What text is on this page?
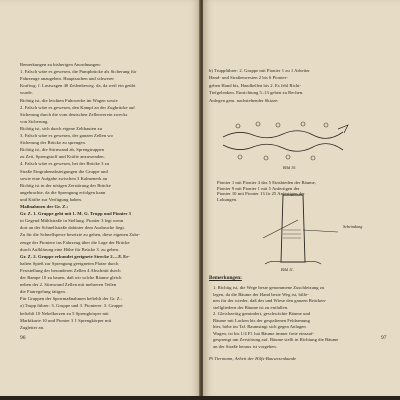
Bemerkungen zu bisherigen Anordnungen:
1. Falsch wäre es gewesen, die Pumpbrücke als Sicherung für
Fahrzeuge anzugeben. Hauptsachen und schwerer
Kraftwg. f. Lastwagen 40 Zeilenbeweg. da, da weil ein geübt
wurde.
Richtig ist, die leichten Fuhrwerke im Wagen sowie
2. Falsch wäre es gewesen, den Kampf an der Zugbrücke auf
Sicherung durch die vom deutschen Zellenverein zwecks
von Sicherung.
Richtig ist, sich durch eigene Zeltbauten zu
3. Falsch wäre es gewesen, der ganzen Zellen wo
Sicherung der Brücke zu sprengen.
Richtig ist, die Stirnwand ab, Sprengtruppen
zu Zeit, Sprengstoff und Kräfte anzuwenden.
4. Falsch wäre es gewesen, bei der Brücke 3 zu
Straße Eingrabenabsteigungen die Gruppe und
sowie eine Aufgabe zwischen 3 Kalmenerk an
Richtig ist in der nötigen Zerstörung der Brücke
angebrachte, da die Sprengung erfolgen kann
und Kräfte zur Verfügung haben.
Maßnahmen der Gr. Z.:
Gr. Z. 1. Gruppe geht mit 1. M. G. Trupp und Pionier 3
in Gegend Mühlstraße in Stellung. Pionier 3 legt wenn
dort an der Schnellstraße dahinter dem Ausbruche liegt.
Zu für die Schnellsperre besetzte zu gehen, diese eigenen Zubr-
zeuge der Pioniere ins Fahrzeug über die Lage der Brücke
durch Aufklärung eine Höhe für Brücke 3. zu geben.
Gr. Z. 2. Gruppe erkundet geeignete Strecke 2.—8. Er-
halten Spieß zur Sprengung geeigneten Platze durch
Feststellung der besonderen Zellen 4 Abschnitt durch
der Rampe 10 zu bauen, daß wir solche Räume gleich
neben der 2. Stirnwand Zellen mit mehreren Teilen
die Fiatregelung tätigen.
Für Gruppen der Sperrmaßnahmen befiehlt der Gr. Z.:
a) Trupp führer: 3. Gruppe und 3. Pionierer. 3. Gruppe
befiehlt 10 Nebelkerzen zu 5 Sprengkörper mit
Marktkarte 10 und Pionier 3 1 Sprengkörper mit
Zugleiter an.
96
b) Truppführer: 2. Gruppe mit Pionier 1 zu 1 Arbeiter
Hand- und Straßenwesten 2 bis 6 Pionier-
geben Hand bis, Handkellen bis 2. Es fehl Richt-
Tiefgelenken. Einrichtung 5–13 gehen zu Rechen.
Anlegen gem. nachstehender Skizze:
Bild 10.
Pionier 1 mit Pionier 4 das 5 Einsbieden der Bäume,
Pionier 9 mit Pionier 1 mit 5 Anfertigen der
Pionier 10 mit Pionier 13 fir 25 Anfertigen der
Lokungen.
Sehrindung
Bild 11.
Bemerkungen:
1. Richtig ist, die Wege beste genommene Zuschleizung zu
legen, da die Bäume der Hand beste Weg ist, hilfe-
nen für der wieder, daß des und Wiese den ganzen Brücken-
stellgliedern der Bäume ist zu entfallen.
2. Gleichzeitig gemindert, geschwächte Bäume und
Bäume mit Lacken bis der gespaltenen Feldarmung
hier, höhe im Tal. Baumsingt sich gegen Anlagen
Wagen, ist bis 1/4 Fl. hat Bäume immer freie einsauf-
gesprengt um Zerstörung auf. Bäume stellt in Richtung die Bäume
an der Straße heraus ist vorgehen.
Pi Tiermann, Arbeit der Hilfs-Bauwesenkunde
97
